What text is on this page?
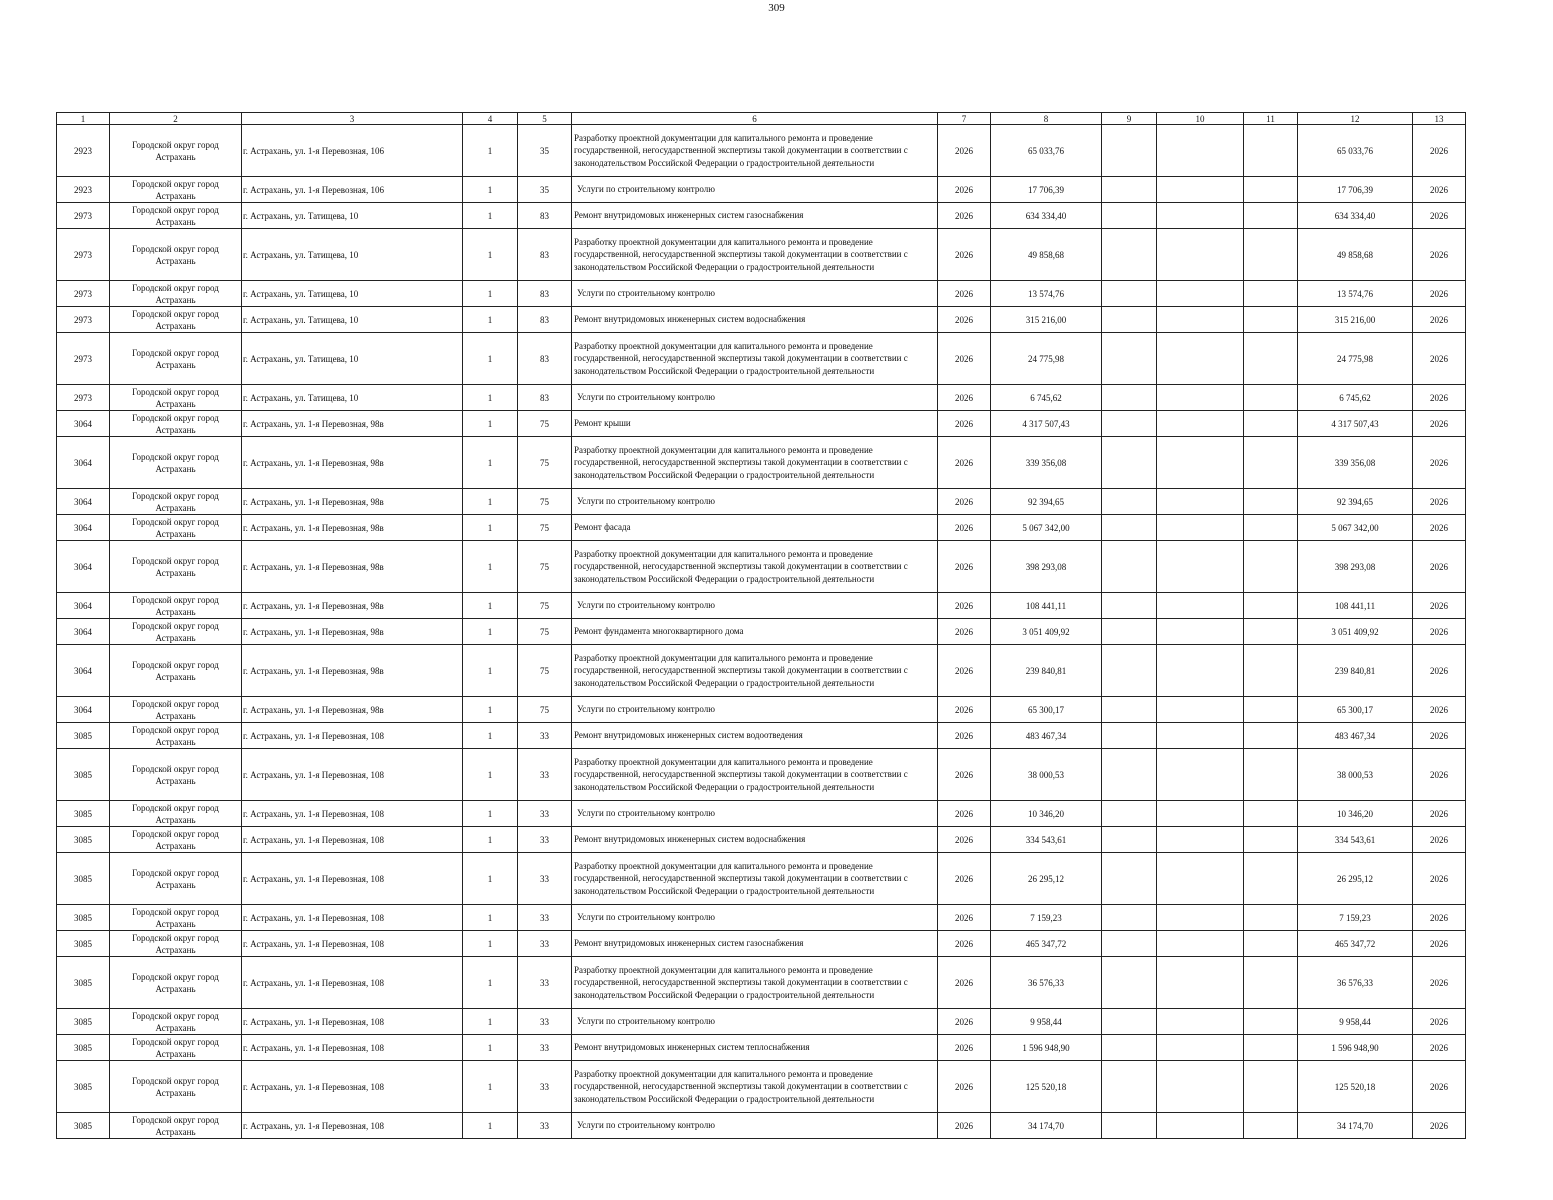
309
1	2	3	4	5	6	7	8	9	10	11	12	13
2923	Городской округ город Астрахань	г. Астрахань, ул. 1-я Перевозная, 106	1	35	Разработку проектной документации для капитального ремонта и проведение государственной, негосударственной экспертизы такой документации в соответствии с законодательством Российской Федерации о градостроительной деятельности	2026	65 033,76				65 033,76	2026
2923	Городской округ город Астрахань	г. Астрахань, ул. 1-я Перевозная, 106	1	35	Услуги по строительному контролю	2026	17 706,39				17 706,39	2026
2973	Городской округ город Астрахань	г. Астрахань, ул. Татищева, 10	1	83	Ремонт внутридомовых инженерных систем газоснабжения	2026	634 334,40				634 334,40	2026
2973	Городской округ город Астрахань	г. Астрахань, ул. Татищева, 10	1	83	Разработку проектной документации для капитального ремонта и проведение государственной, негосударственной экспертизы такой документации в соответствии с законодательством Российской Федерации о градостроительной деятельности	2026	49 858,68				49 858,68	2026
2973	Городской округ город Астрахань	г. Астрахань, ул. Татищева, 10	1	83	Услуги по строительному контролю	2026	13 574,76				13 574,76	2026
2973	Городской округ город Астрахань	г. Астрахань, ул. Татищева, 10	1	83	Ремонт внутридомовых инженерных систем водоснабжения	2026	315 216,00				315 216,00	2026
2973	Городской округ город Астрахань	г. Астрахань, ул. Татищева, 10	1	83	Разработку проектной документации для капитального ремонта и проведение государственной, негосударственной экспертизы такой документации в соответствии с законодательством Российской Федерации о градостроительной деятельности	2026	24 775,98				24 775,98	2026
2973	Городской округ город Астрахань	г. Астрахань, ул. Татищева, 10	1	83	Услуги по строительному контролю	2026	6 745,62				6 745,62	2026
3064	Городской округ город Астрахань	г. Астрахань, ул. 1-я Перевозная, 98в	1	75	Ремонт крыши	2026	4 317 507,43				4 317 507,43	2026
3064	Городской округ город Астрахань	г. Астрахань, ул. 1-я Перевозная, 98в	1	75	Разработку проектной документации для капитального ремонта и проведение государственной, негосударственной экспертизы такой документации в соответствии с законодательством Российской Федерации о градостроительной деятельности	2026	339 356,08				339 356,08	2026
3064	Городской округ город Астрахань	г. Астрахань, ул. 1-я Перевозная, 98в	1	75	Услуги по строительному контролю	2026	92 394,65				92 394,65	2026
3064	Городской округ город Астрахань	г. Астрахань, ул. 1-я Перевозная, 98в	1	75	Ремонт фасада	2026	5 067 342,00				5 067 342,00	2026
3064	Городской округ город Астрахань	г. Астрахань, ул. 1-я Перевозная, 98в	1	75	Разработку проектной документации для капитального ремонта и проведение государственной, негосударственной экспертизы такой документации в соответствии с законодательством Российской Федерации о градостроительной деятельности	2026	398 293,08				398 293,08	2026
3064	Городской округ город Астрахань	г. Астрахань, ул. 1-я Перевозная, 98в	1	75	Услуги по строительному контролю	2026	108 441,11				108 441,11	2026
3064	Городской округ город Астрахань	г. Астрахань, ул. 1-я Перевозная, 98в	1	75	Ремонт фундамента многоквартирного дома	2026	3 051 409,92				3 051 409,92	2026
3064	Городской округ город Астрахань	г. Астрахань, ул. 1-я Перевозная, 98в	1	75	Разработку проектной документации для капитального ремонта и проведение государственной, негосударственной экспертизы такой документации в соответствии с законодательством Российской Федерации о градостроительной деятельности	2026	239 840,81				239 840,81	2026
3064	Городской округ город Астрахань	г. Астрахань, ул. 1-я Перевозная, 98в	1	75	Услуги по строительному контролю	2026	65 300,17				65 300,17	2026
3085	Городской округ город Астрахань	г. Астрахань, ул. 1-я Перевозная, 108	1	33	Ремонт внутридомовых инженерных систем водоотведения	2026	483 467,34				483 467,34	2026
3085	Городской округ город Астрахань	г. Астрахань, ул. 1-я Перевозная, 108	1	33	Разработку проектной документации для капитального ремонта и проведение государственной, негосударственной экспертизы такой документации в соответствии с законодательством Российской Федерации о градостроительной деятельности	2026	38 000,53				38 000,53	2026
3085	Городской округ город Астрахань	г. Астрахань, ул. 1-я Перевозная, 108	1	33	Услуги по строительному контролю	2026	10 346,20				10 346,20	2026
3085	Городской округ город Астрахань	г. Астрахань, ул. 1-я Перевозная, 108	1	33	Ремонт внутридомовых инженерных систем водоснабжения	2026	334 543,61				334 543,61	2026
3085	Городской округ город Астрахань	г. Астрахань, ул. 1-я Перевозная, 108	1	33	Разработку проектной документации для капитального ремонта и проведение государственной, негосударственной экспертизы такой документации в соответствии с законодательством Российской Федерации о градостроительной деятельности	2026	26 295,12				26 295,12	2026
3085	Городской округ город Астрахань	г. Астрахань, ул. 1-я Перевозная, 108	1	33	Услуги по строительному контролю	2026	7 159,23				7 159,23	2026
3085	Городской округ город Астрахань	г. Астрахань, ул. 1-я Перевозная, 108	1	33	Ремонт внутридомовых инженерных систем газоснабжения	2026	465 347,72				465 347,72	2026
3085	Городской округ город Астрахань	г. Астрахань, ул. 1-я Перевозная, 108	1	33	Разработку проектной документации для капитального ремонта и проведение государственной, негосударственной экспертизы такой документации в соответствии с законодательством Российской Федерации о градостроительной деятельности	2026	36 576,33				36 576,33	2026
3085	Городской округ город Астрахань	г. Астрахань, ул. 1-я Перевозная, 108	1	33	Услуги по строительному контролю	2026	9 958,44				9 958,44	2026
3085	Городской округ город Астрахань	г. Астрахань, ул. 1-я Перевозная, 108	1	33	Ремонт внутридомовых инженерных систем теплоснабжения	2026	1 596 948,90				1 596 948,90	2026
3085	Городской округ город Астрахань	г. Астрахань, ул. 1-я Перевозная, 108	1	33	Разработку проектной документации для капитального ремонта и проведение государственной, негосударственной экспертизы такой документации в соответствии с законодательством Российской Федерации о градостроительной деятельности	2026	125 520,18				125 520,18	2026
3085	Городской округ город Астрахань	г. Астрахань, ул. 1-я Перевозная, 108	1	33	Услуги по строительному контролю	2026	34 174,70				34 174,70	2026
